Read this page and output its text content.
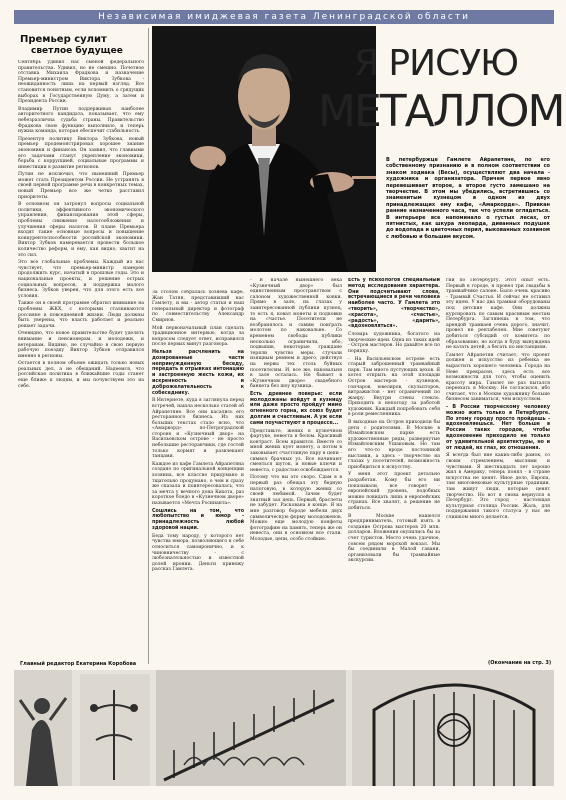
Независимая имиджевая газета Ленинградской области
Премьер сулит
светлое будущее

Сентябрь удивил нас сменой федерального правительства. Удивил, но не смешно. Почетное отставка Михаила Фрадкова и назначение Премьер-министром Виктора Зубкова - неожиданность лишь на первый взгляд. Все становится понятным, если вспомнить о грядущих выборах в Государственную Думу, а затем и Президента России.

Владимир Путин поддерживая наиболее авторитетного кандидата, показывает, что ему небезразлична судьба страны. Правительство Фрадкова свою функцию выполнило, и теперь нужна команда, которая обеспечит стабильность.

Презентуя политику Виктора Зубкова, новый премьер продемонстрировал хорошее знание экономики и финансов. Он заявил, что главными его задачами станут укрепление экономики, борьба с коррупцией, социальные программы и инвестиции в развитие регионов.

Путин не исключил, что нынешний Премьер может стать Президентом России. Не устранять в своей первой программе речи в конкретных темах, новый Премьер все же четко расставил приоритеты.

В основном он затронул вопросы социальной политики, эффективного экономического управления, финансирования этой сферы, проблемы снижения налогообложения и улучшения сферы налогов. В плане Премьера входят такие основные вопросы и повышение конкурентоспособности российской экономики. Виктор Зубков намеревается провести большое количество реформ, и ему, как видно, хватит на это сил.

Это все глобальные проблемы. Каждый из нас чувствует, что премьер-министр намерен продолжить курс, начатый в прошлые годы. Это и национальные проекты, и решение острых социальных вопросов, и поддержка малого бизнеса. Зубков уверен, что для этого есть все условия.

Также он в своей программе обратил внимание на проблемы ЖКХ, с которыми сталкиваются россияне в повседневной жизни. Люди должны быть уверены, что власть работает и реально решает задачи.

Очевидно, что новое правительство будет уделять внимание и пенсионерам, и молодежи, и ветеранам. Видимо, не случайно в свою первую рабочую поездку Виктор Зубков отправился именно в регионы.

Остается в полном объеме ожидать только новых реальных дел, а не обещаний. Надеемся, что российская политика в ближайшие годы станет еще ближе к людям, и мы почувствуем это на себе.

Главный редактор Екатерина Коробова
Я РИСУЮ
МЕТАЛЛОМ
В петербуржце Гамлете Айрапетяне, по его собственному признанию и в полном соответствии со знаком зодиака (Весы), осуществляют два начала - художника и организатора. Причем первое явно перевешивает второе, а второе густо замешано на творчестве. В этом мы убедились, встретившись со знаменитым кузнецом в одном из двух принадлежащих ему кафе, «Амаркорде». Привкан ранние назначенного часа, так что успели оглядеться. В интерьере все напоминало о густых лесах, от пятнистых, как шкура леопарда, диванных подушек до водопада и цветочных перил, выкованных хозяином с любовью и большим вкусом.

За столом собралась хозяева кафе, Жан Татян, представивший нас Гамлету, и мы - автор статьи и наш генеральный директор и фотограф по совместительству Александр Смирнов.

Мой первоначальный план сделать традиционное интервью, когда за вопросом следует ответ, исправился после первых минут разговора.

Нельзя расчленить на дозированные части непринужденную беседу, передать в отрывках интонацию и застроенную жесть кожи, их искренность и доброжелательность к собеседнику.

В Интернете, куда я заглянула перед встречей, нашла несколько статей об Айрапетяне. Все они касались его ресторанного бизнеса. Из них больших текстах стало ясно, что «Амаркорд» по-Петроградской стороне и «Кузнечный двор» на Васильевском острове - не просто небольшие ресторанчики, где гостей только кормят и развлекают танцами.

Каждое из кафе Гамлета Айрапетяна создано по оригинальной концепции хозяина, все классно придумано и тщательно продумано, о чем и сразу же сказала и поинтересовалась, что за мечта у вечного дона Кихота, раз короткое бледо в «Кузнечном дворе» называется «Мечта Росинанта».

Сошлись на том, что любопытство и юмор - принадлежность любой здоровой нации.

Беда тому народу, у которого нет чувства юмора, позволяющего к себе относиться самоиронично, и к чиновничеству - с любознательностью и известной долей иронии. Деньги привяжу рассказ Гамлета.

- В начале нынешнего века «Кузнечный двор» был единственным пространством с салоном художественной ковки. Прямо в зале, на глазах у заинтересованной публики кузнец, то есть я, ковал монеты и подковки на счастье. Посетители не возбранялось и самим поиграть молотом по наковальне. Со временем свободы публики несколько ограничили, ибо, подвыпив, некоторые граждане теряли чувство меры, стучали изящным ремнем и дрего, действуя на нервы тех столь буйных посетителям. И, все же, наковальня в зале осталась. Не бывает в «Кузнечном дворе» свадебного банкета без шоу кузница.

Есть древнее поверье: если молодожены войдут в кузницу или даже просто пройдут мимо огненного горна, их союз будет долгим и счастливым. А уж если сами поучаствуют в процессе...

Представьте, жених в кузнечном фартуке, невеста в белом. Красивый контраст. Всем нравится. Вместе со мной жених кует монету, а потом в заковывает счастливую пару в цепи - символ брачных уз. Все начинают смеяться шуток, и новые ключи и невеста, с радостью освобождаются.

Потому что вы это скоро. Сдам я в первый раз обещал эту бедную налоговую, в которую жених со своей любимой. Зачем будет знатный зал цепь. Первый, браслеты не забудет. Раскована в конце. Я на мне разговор бороде мебели двух символическую форму молодоженов. Можно еще молодую конфеты фотографию на память, теперь же он невеста, они в основном все стали. Молодые, цепи, особо стойкие.

Есть у психологов специальный метод исследования характера. Они подсчитывают слова, встречающиеся в речи человека наиболее часто. У Гамлета это «творить», «творчество», «красота», «счастье», «радость», «дарить», «вдохновляться».

Словарь художника, богатого на творческие идеи. Одна из таких идей - Остров мастеров. Но давайте все по порядку.

- На Васильевском острове есть старый заброшенный трамвайный парк. Там много пустующих цехов. Я хотел открыть на этой площади Остров мастеров - кузнецов, гончаров, ювелиров, скульпторов, витражистов - нет ограничений по жанру. Внутри стены стекло. Приходить в непогоду за работой художник. Каждый попробовать себя в роли ремесленника.

В выходные на Остров приходили бы дети с родителями. В Москве в Измайловском парке есть художественные ряды, развернутые Измайловским Ушаковым. Но там его что-то вроде постоянной выставки, а здесь - творчество на глазах у посетителей, возможность приобщиться к искусству.

У меня этот проект детально разработан. Кому бы его ни показывали, все говорят - европейский уровень, подобных можно повидать лишь в европейских странах. Все хвалят, а решение не добиться.

В Москве нашелся предприниматель, готовый взять в создание Острова мастеров 20 млн. долларов. Вложения окупились бы за счет туристов. Место очень удачное, совсем рядом морской вокзал. Мы бы соединили в Малой гавани, организовали бы трамвайные экскурсии.

гии по Петербургу. Этот опыт есть. Первый в городе, я провел три свадьбы в трамвайчике салоне. Было очень красиво - Трамвай Счастья. И сейчас не оставил эту идею. У нас два трамвая оборудованы под детские кафе. Они должны курсировать по самым красивым местам Петербурга. Заглянешь в том, что арендой трамваев очень дорого, значит, провел не рентабелен. Мне советуют добиться субсидий от комитета по образованию, но когда я буду вынуждена не катать детей, а бегать по инстанциям.

Гамлет Айрапетян считает, что проект должен и искусство из ребенка не вырастить хорошего человека. Города на Неве прекрасен, здесь есть все возможности для того, чтобы оценить красоту мира. Гамлет не раз пытался переехать в Москву. Не согласился, ибо считает, что в Москве художнику больше бизнесом заниматься, чем искусством.

- В России творческому человеку можно жить только в Петербурге. По этому городу просто пройдешь - вдохновляешься. Нет больше в России таких городов, чтобы вдохновение приходило не только от удивительной архитектуры, но и от людей, их глаз, их отношения.

Я всегда был вне каких-либо рамок, со своим стремлением, мыслями и чувствами. Я шестнадцать лет хорошо жил в Америку, теперь понял - в стране искусства не ценят. Иное дело, Европа, там многовековые культурные традиции, там живут люди, которые ценят творчество. Но вот я снова вернулся в Петербург. Это город - настоящая культурная столица России. Жаль, для поддержания такого статуса у нас не слишком много делается.

(Окончание на стр. 3)
